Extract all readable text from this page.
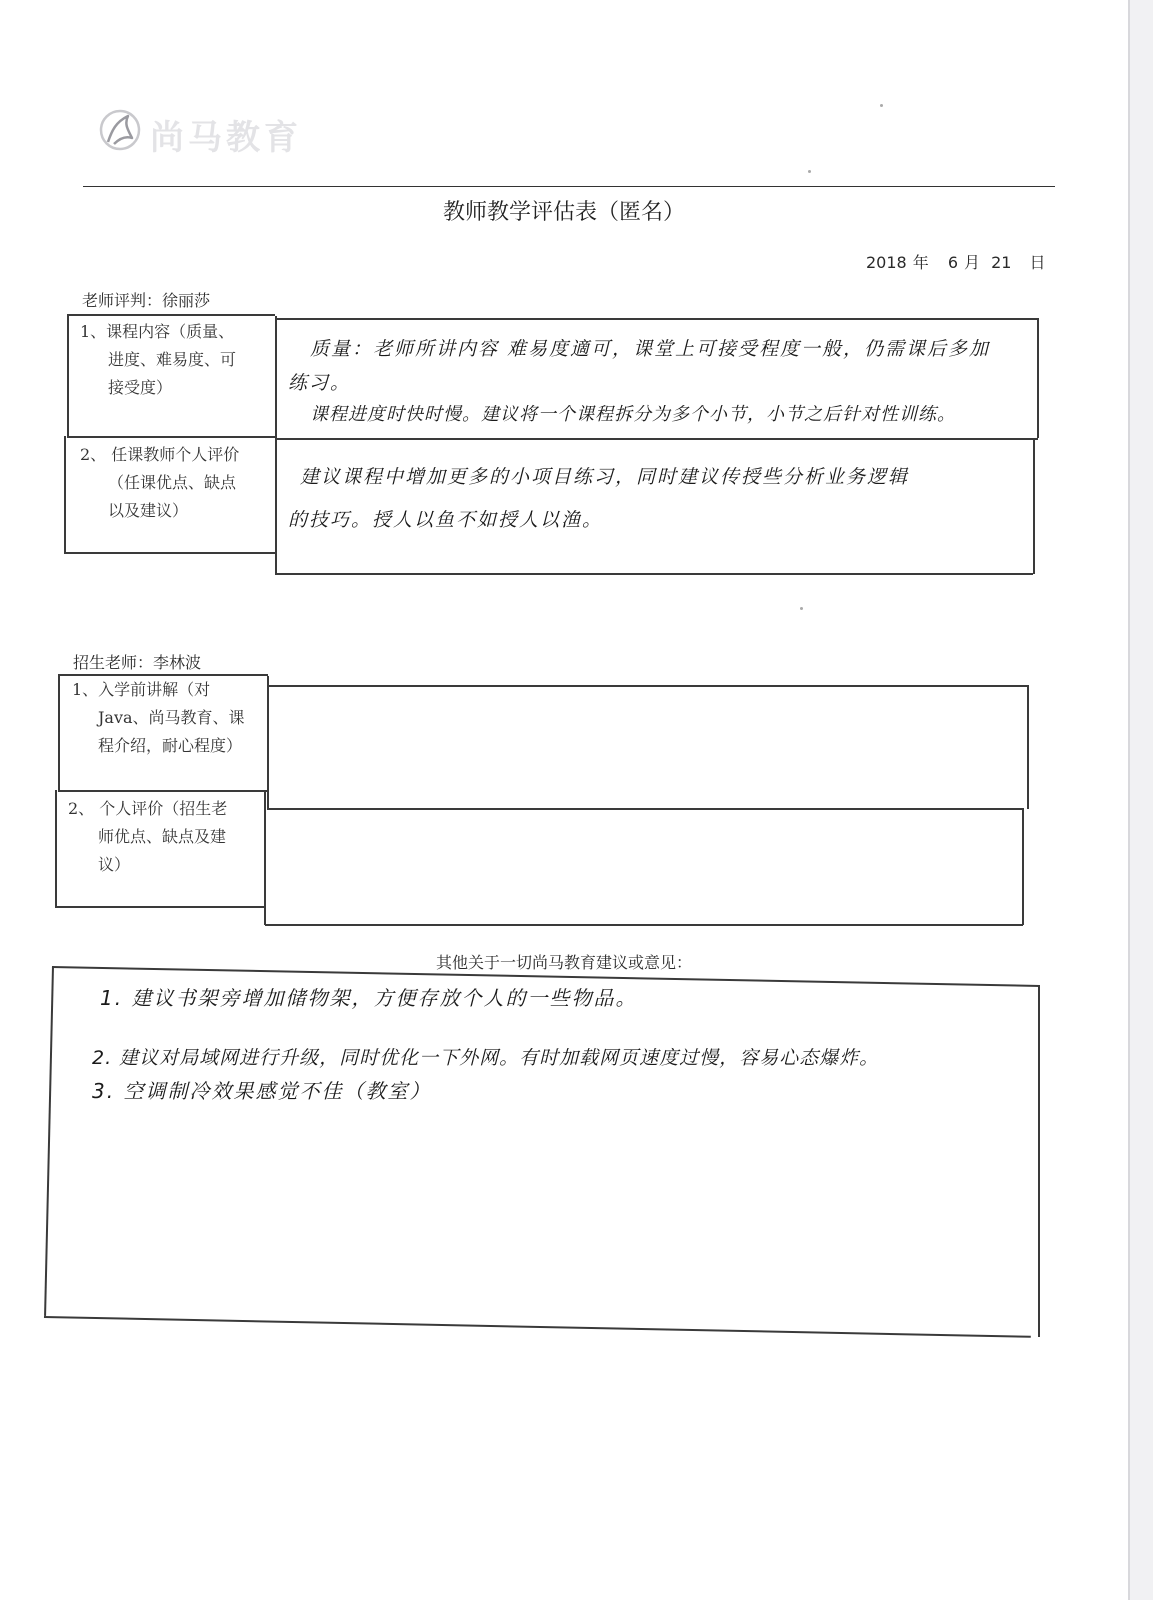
尚马教育
教师教学评估表（匿名）
2018 年 6 月 21 日
老师评判：徐丽莎
1、课程内容（质量、
进度、难易度、可
接受度）
2、 任课教师个人评价
（任课优点、缺点
以及建议）
质量：老师所讲内容 难易度適可，课堂上可接受程度一般，仍需课后多加
练习。
课程进度时快时慢。建议将一个课程拆分为多个小节，小节之后针对性训练。
建议课程中增加更多的小项目练习，同时建议传授些分析业务逻辑
的技巧。授人以鱼不如授人以渔。
招生老师：李林波
1、入学前讲解（对
Java、尚马教育、课
程介绍，耐心程度）
2、 个人评价（招生老
师优点、缺点及建
议）
其他关于一切尚马教育建议或意见：
1. 建议书架旁增加储物架，方便存放个人的一些物品。
2. 建议对局域网进行升级，同时优化一下外网。有时加载网页速度过慢，容易心态爆炸。
3. 空调制冷效果感觉不佳（教室）
